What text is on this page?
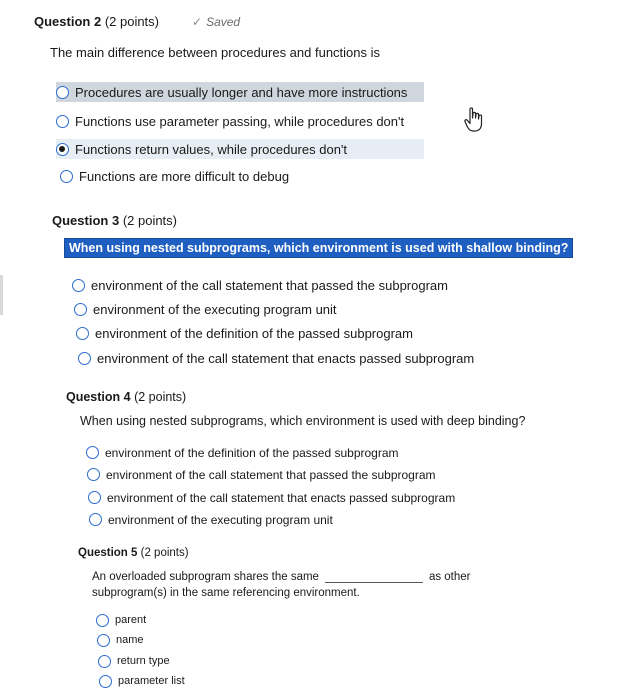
Question 2 (2 points)	✓ Saved
The main difference between procedures and functions is
Procedures are usually longer and have more instructions
Functions use parameter passing, while procedures don't
Functions return values, while procedures don't
Functions are more difficult to debug
Question 3 (2 points)
When using nested subprograms, which environment is used with shallow binding?
environment of the call statement that passed the subprogram
environment of the executing program unit
environment of the definition of the passed subprogram
environment of the call statement that enacts passed subprogram
Question 4 (2 points)
When using nested subprograms, which environment is used with deep binding?
environment of the definition of the passed subprogram
environment of the call statement that passed the subprogram
environment of the call statement that enacts passed subprogram
environment of the executing program unit
Question 5 (2 points)
An overloaded subprogram shares the same	as other
subprogram(s) in the same referencing environment.
parent
name
return type
parameter list
